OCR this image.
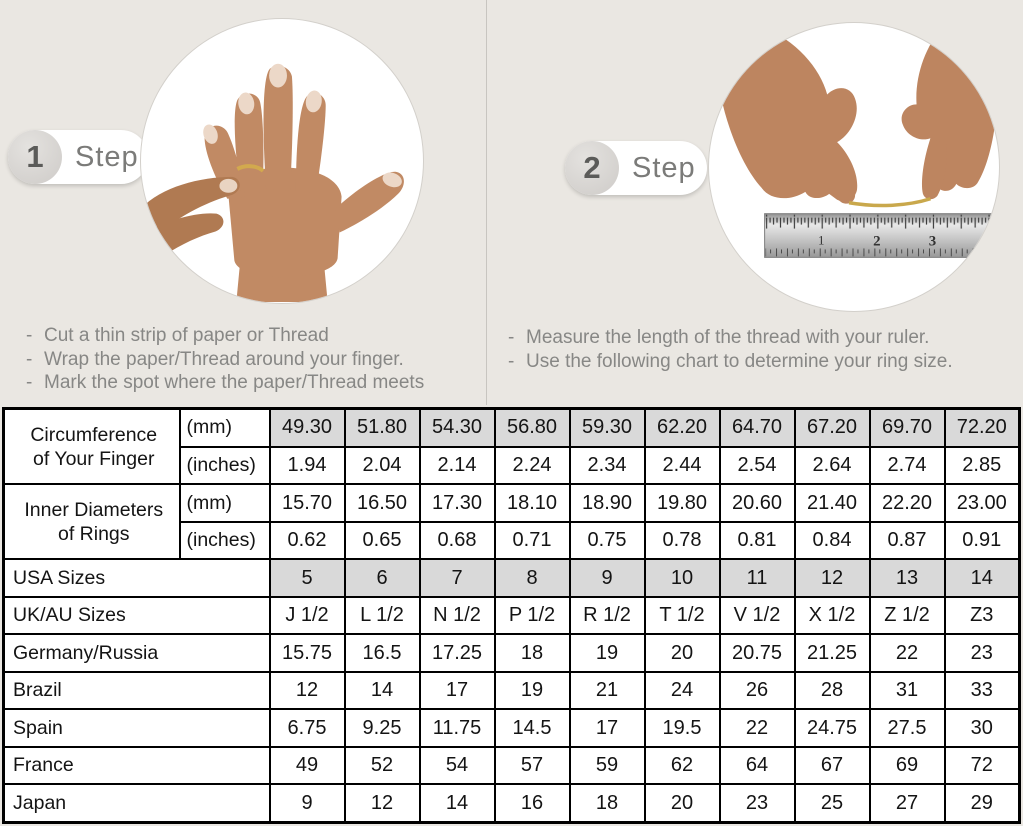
1	Step	2	Step
1	2	3
- Cut a thin strip of paper or Thread
- Wrap the paper/Thread around your finger.
- Mark the spot where the paper/Thread meets
- Measure the length of the thread with your ruler.
- Use the following chart to determine your ring size.
Circumference
of Your Finger	(mm)	49.30	51.80	54.30	56.80	59.30	62.20	64.70	67.20	69.70	72.20
	(inches)	1.94	2.04	2.14	2.24	2.34	2.44	2.54	2.64	2.74	2.85
Inner Diameters
of Rings	(mm)	15.70	16.50	17.30	18.10	18.90	19.80	20.60	21.40	22.20	23.00
	(inches)	0.62	0.65	0.68	0.71	0.75	0.78	0.81	0.84	0.87	0.91
USA Sizes		5	6	7	8	9	10	11	12	13	14
UK/AU Sizes		J 1/2	L 1/2	N 1/2	P 1/2	R 1/2	T 1/2	V 1/2	X 1/2	Z 1/2	Z3
Germany/Russia		15.75	16.5	17.25	18	19	20	20.75	21.25	22	23
Brazil		12	14	17	19	21	24	26	28	31	33
Spain		6.75	9.25	11.75	14.5	17	19.5	22	24.75	27.5	30
France		49	52	54	57	59	62	64	67	69	72
Japan		9	12	14	16	18	20	23	25	27	29
